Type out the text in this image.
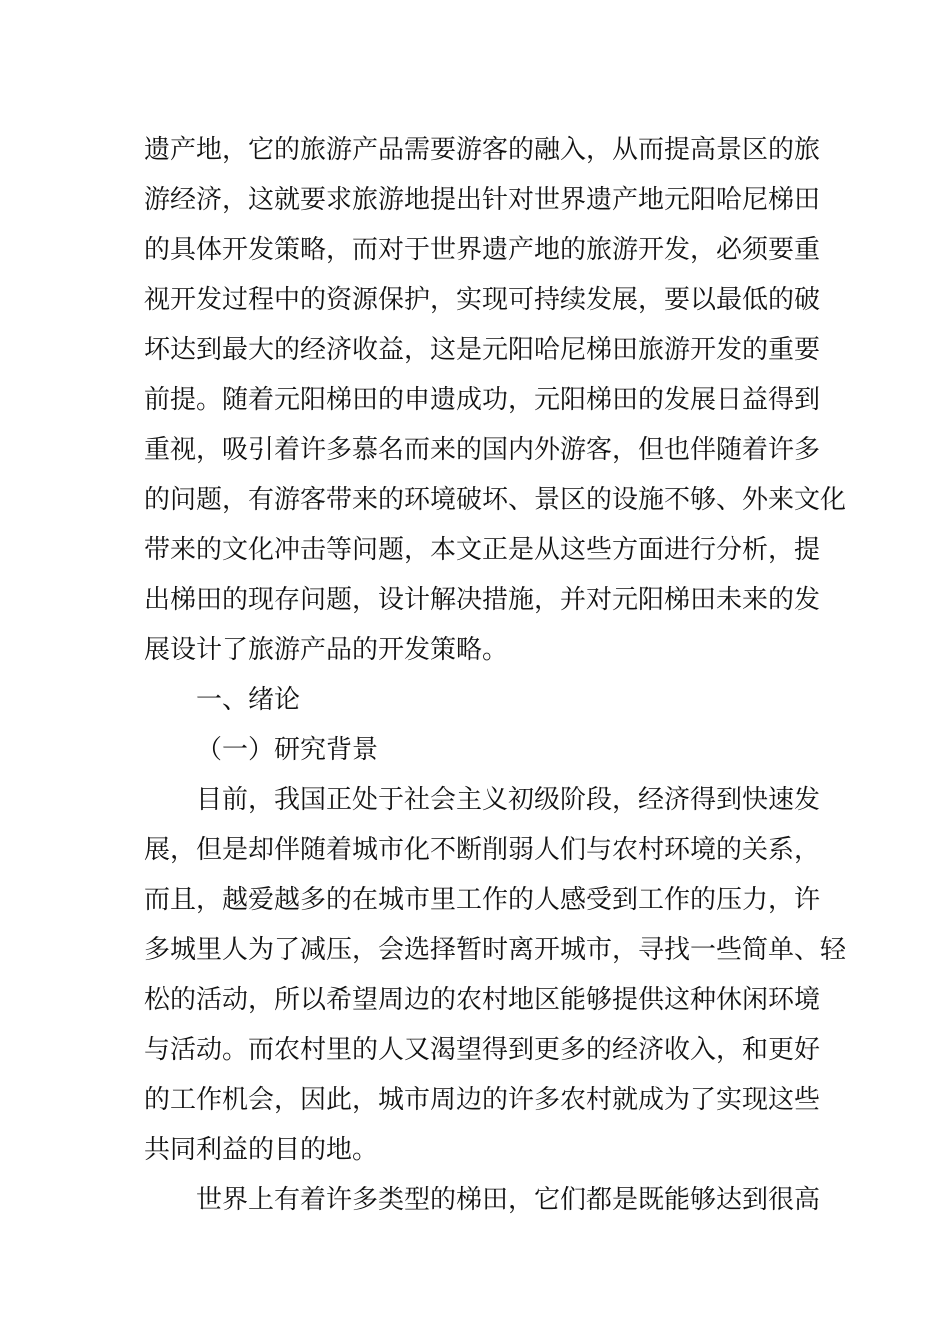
遗产地，它的旅游产品需要游客的融入，从而提高景区的旅
游经济，这就要求旅游地提出针对世界遗产地元阳哈尼梯田
的具体开发策略，而对于世界遗产地的旅游开发，必须要重
视开发过程中的资源保护，实现可持续发展，要以最低的破
坏达到最大的经济收益，这是元阳哈尼梯田旅游开发的重要
前提。随着元阳梯田的申遗成功，元阳梯田的发展日益得到
重视，吸引着许多慕名而来的国内外游客，但也伴随着许多
的问题，有游客带来的环境破坏、景区的设施不够、外来文化
带来的文化冲击等问题，本文正是从这些方面进行分析，提
出梯田的现存问题，设计解决措施，并对元阳梯田未来的发
展设计了旅游产品的开发策略。
一、绪论
（一）研究背景
目前，我国正处于社会主义初级阶段，经济得到快速发
展，但是却伴随着城市化不断削弱人们与农村环境的关系，
而且，越爱越多的在城市里工作的人感受到工作的压力，许
多城里人为了减压，会选择暂时离开城市，寻找一些简单、轻
松的活动，所以希望周边的农村地区能够提供这种休闲环境
与活动。而农村里的人又渴望得到更多的经济收入，和更好
的工作机会，因此，城市周边的许多农村就成为了实现这些
共同利益的目的地。
世界上有着许多类型的梯田，它们都是既能够达到很高
